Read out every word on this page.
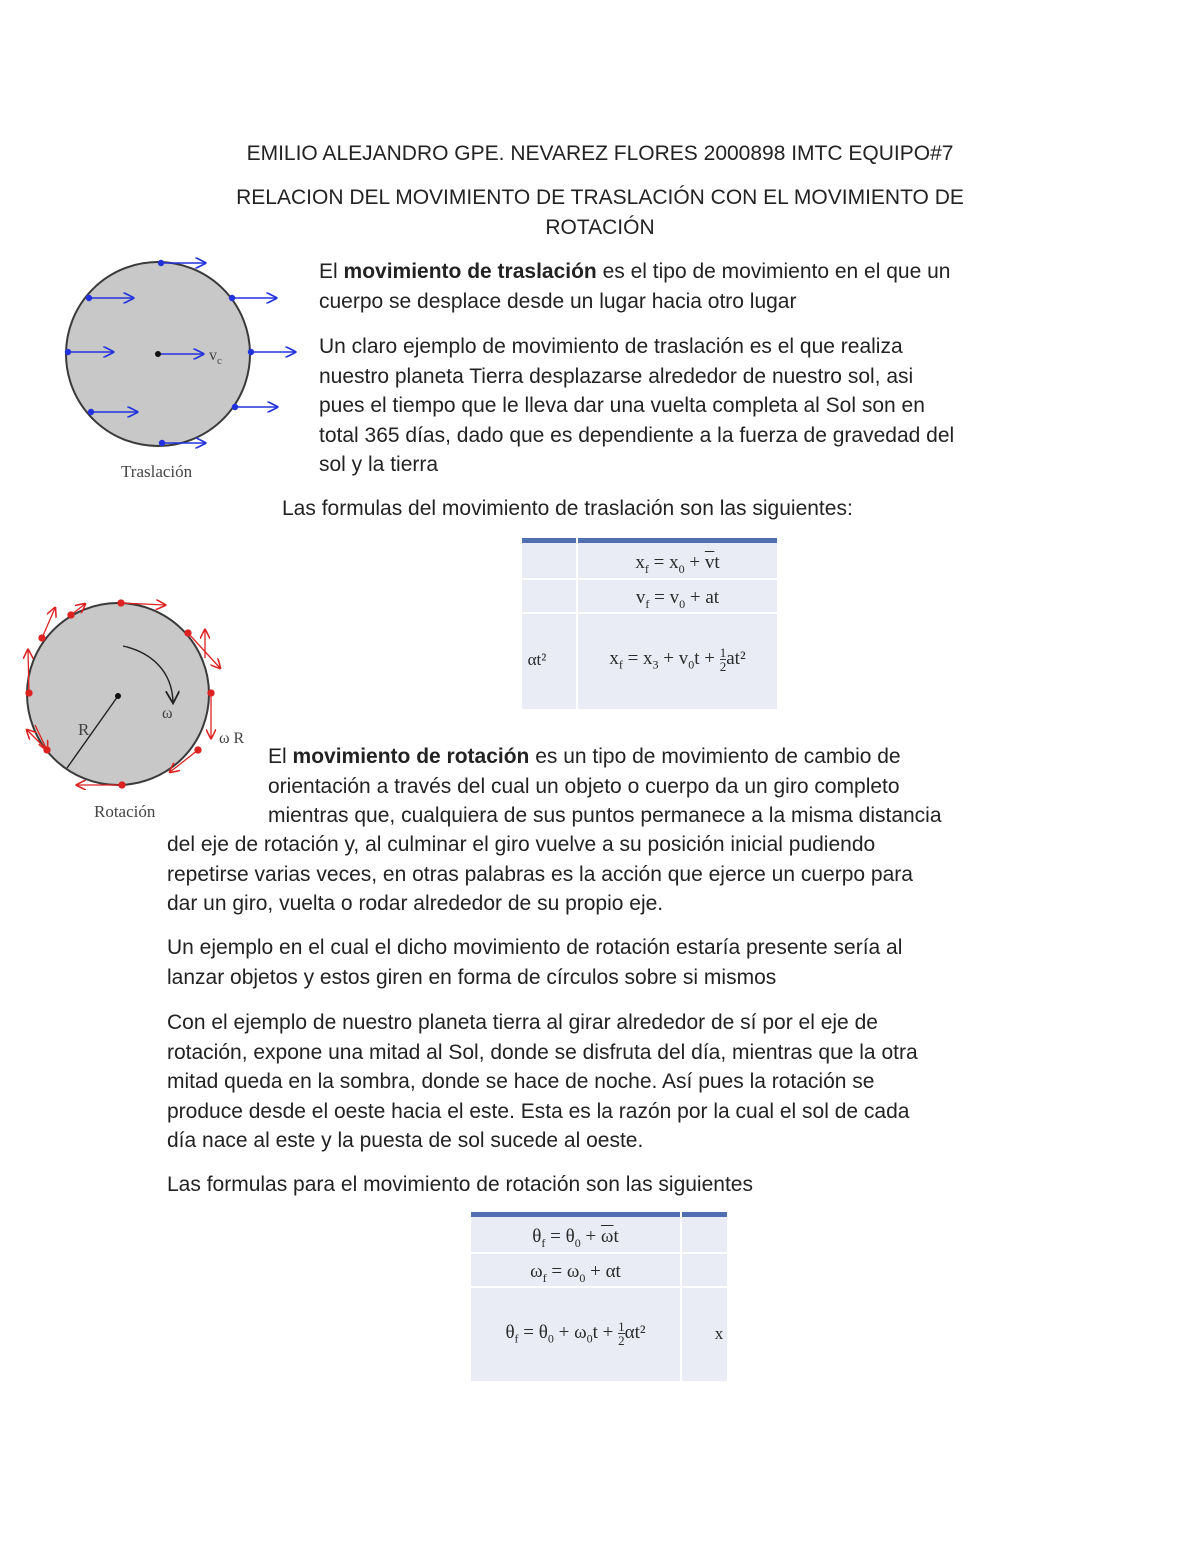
EMILIO ALEJANDRO GPE. NEVAREZ FLORES 2000898 IMTC EQUIPO#7
RELACION DEL MOVIMIENTO DE TRASLACIÓN CON EL MOVIMIENTO DE
ROTACIÓN
$v_c$
Traslación

El movimiento de traslación es el tipo de movimiento en el que un
cuerpo se desplace desde un lugar hacia otro lugar

Un claro ejemplo de movimiento de traslación es el que realiza
nuestro planeta Tierra desplazarse alrededor de nuestro sol, asi
pues el tiempo que le lleva dar una vuelta completa al Sol son en
total 365 días, dado que es dependiente a la fuerza de gravedad del
sol y la tierra

Las formulas del movimiento de traslación son las siguientes:
$x_f = x_0 + \overline{v}t$
$v_f = v_0$ + at
$x_f = x_3 + v_0t + \frac{1}{2} at^2$
αt²
R
ω
ω R
Rotación

El movimiento de rotación es un tipo de movimiento de cambio de
orientación a través del cual un objeto o cuerpo da un giro completo
mientras que, cualquiera de sus puntos permanece a la misma distancia

del eje de rotación y, al culminar el giro vuelve a su posición inicial pudiendo
repetirse varias veces, en otras palabras es la acción que ejerce un cuerpo para
dar un giro, vuelta o rodar alrededor de su propio eje.

Un ejemplo en el cual el dicho movimiento de rotación estaría presente sería al
lanzar objetos y estos giren en forma de círculos sobre si mismos

Con el ejemplo de nuestro planeta tierra al girar alrededor de sí por el eje de
rotación, expone una mitad al Sol, donde se disfruta del día, mientras que la otra
mitad queda en la sombra, donde se hace de noche. Así pues la rotación se
produce desde el oeste hacia el este. Esta es la razón por la cual el sol de cada
día nace al este y la puesta de sol sucede al oeste.

Las formulas para el movimiento de rotación son las siguientes
$\theta_f = \theta_0 + \overline{\omega}t$
$\omega_f = \omega_0 + \alpha t$
$\theta_f = \theta_0 + \omega_0t + \frac{1}{2} \alpha t^2$	x
